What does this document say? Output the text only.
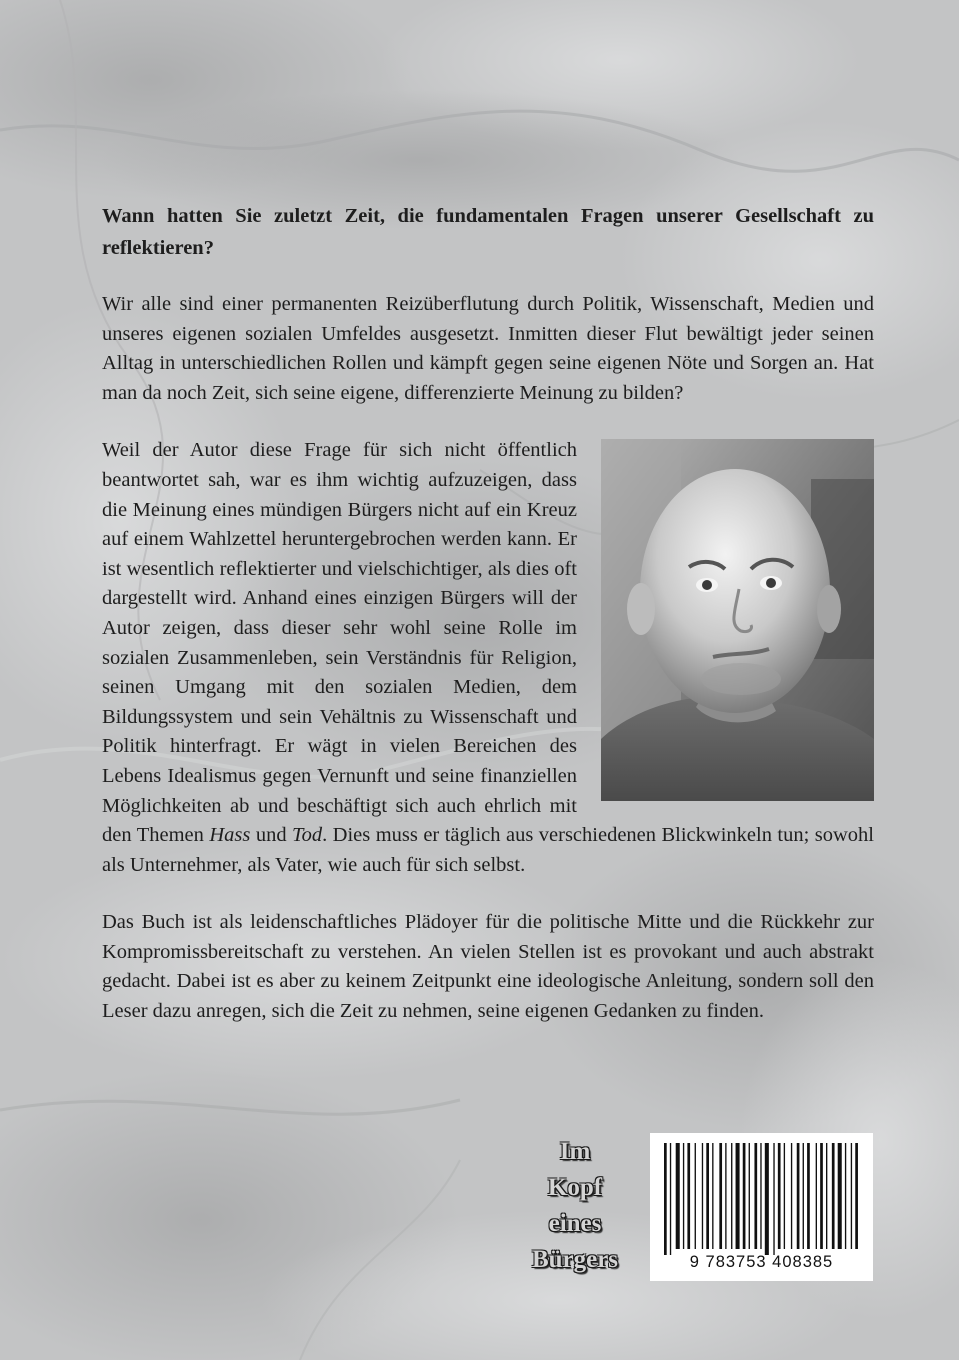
Wann hatten Sie zuletzt Zeit, die fundamentalen Fragen unserer Gesellschaft zu reflektieren?

Wir alle sind einer permanenten Reizüberflutung durch Politik, Wissenschaft, Medien und unseres eigenen sozialen Umfeldes ausgesetzt. Inmitten dieser Flut bewältigt jeder seinen Alltag in unterschiedlichen Rollen und kämpft gegen seine eigenen Nöte und Sorgen an. Hat man da noch Zeit, sich seine eigene, differenzierte Meinung zu bilden?

Weil der Autor diese Frage für sich nicht öffentlich beantwortet sah, war es ihm wichtig aufzuzeigen, dass die Meinung eines mündigen Bürgers nicht auf ein Kreuz auf einem Wahlzettel heruntergebrochen werden kann. Er ist wesentlich reflektierter und vielschichtiger, als dies oft dargestellt wird. Anhand eines einzigen Bürgers will der Autor zeigen, dass dieser sehr wohl seine Rolle im sozialen Zusammenleben, sein Verständnis für Religion, seinen Umgang mit den sozialen Medien, dem Bildungssystem und sein Vehältnis zu Wissenschaft und Politik hinterfragt. Er wägt in vielen Bereichen des Lebens Idealismus gegen Vernunft und seine finanziellen Möglichkeiten ab und beschäftigt sich auch ehrlich mit den Themen Hass und Tod. Dies muss er täglich aus verschiedenen Blickwinkeln tun; sowohl als Unternehmer, als Vater, wie auch für sich selbst.

Das Buch ist als leidenschaftliches Plädoyer für die politische Mitte und die Rückkehr zur Kompromissbereitschaft zu verstehen. An vielen Stellen ist es provokant und auch abstrakt gedacht. Dabei ist es aber zu keinem Zeitpunkt eine ideologische Anleitung, sondern soll den Leser dazu anregen, sich die Zeit zu nehmen, seine eigenen Gedanken zu finden.

Im
Kopf
eines
Bürgers	9 783753 408385
